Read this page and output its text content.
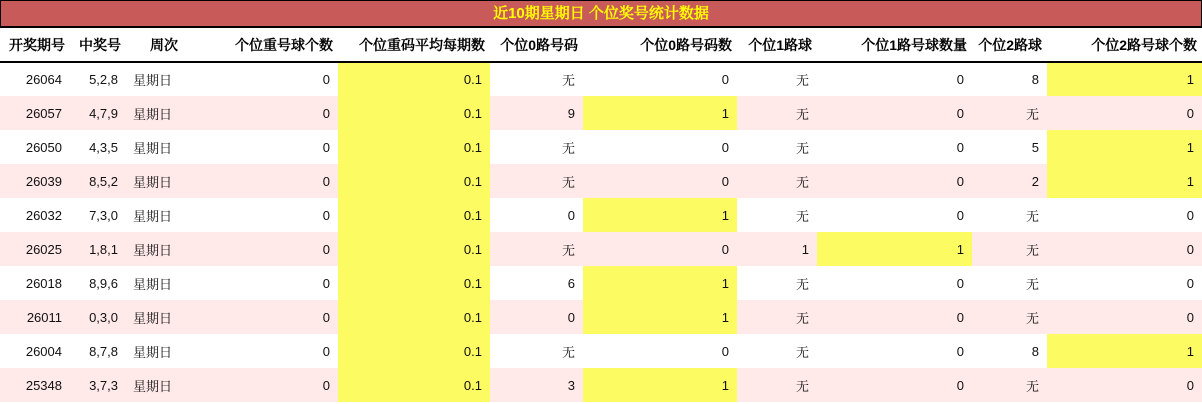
近10期星期日 个位奖号统计数据
开奖期号	中奖号	周次	个位重号球个数	个位重码平均每期数	个位0路号码	个位0路号码数	个位1路球	个位1路号球数量	个位2路球	个位2路号球个数
26064	5,2,8	星期日	0	0.1	无	0	无	0	8	1
26057	4,7,9	星期日	0	0.1	9	1	无	0	无	0
26050	4,3,5	星期日	0	0.1	无	0	无	0	5	1
26039	8,5,2	星期日	0	0.1	无	0	无	0	2	1
26032	7,3,0	星期日	0	0.1	0	1	无	0	无	0
26025	1,8,1	星期日	0	0.1	无	0	1	1	无	0
26018	8,9,6	星期日	0	0.1	6	1	无	0	无	0
26011	0,3,0	星期日	0	0.1	0	1	无	0	无	0
26004	8,7,8	星期日	0	0.1	无	0	无	0	8	1
25348	3,7,3	星期日	0	0.1	3	1	无	0	无	0
